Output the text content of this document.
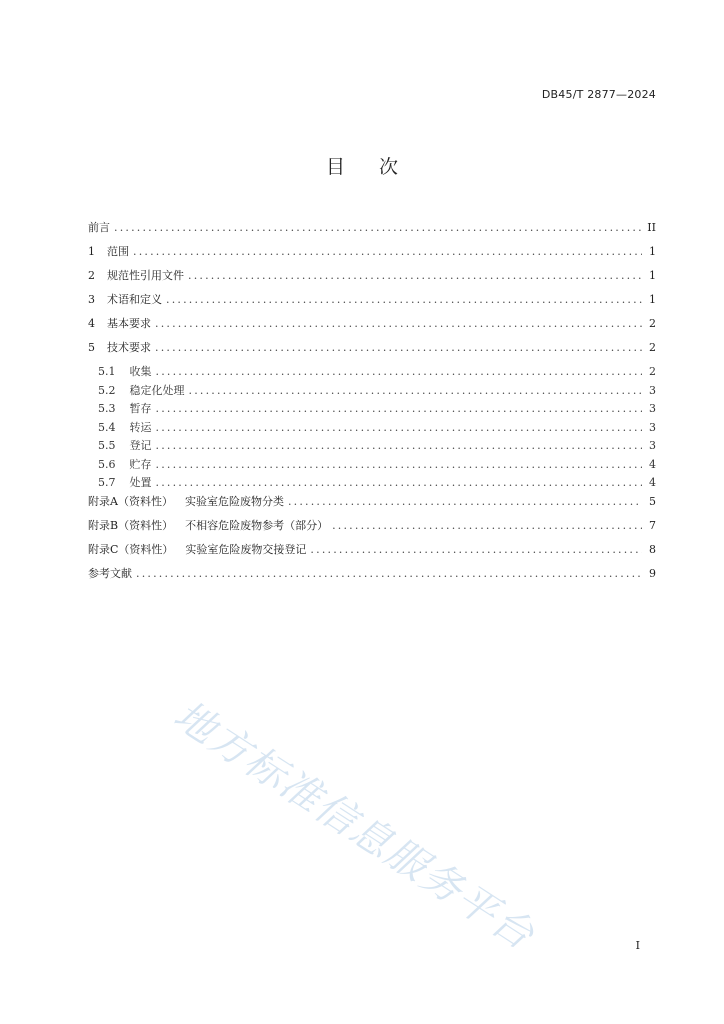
DB45/T 2877—2024
目次
前言 .....	II
1 范围 .....	1
2 规范性引用文件 .....	1
3 术语和定义 .....	1
4 基本要求 .....	2
5 技术要求 .....	2
5.1 收集 .....	2
5.2 稳定化处理 .....	3
5.3 暂存 .....	3
5.4 转运 .....	3
5.5 登记 .....	3
5.6 贮存 .....	4
5.7 处置 .....	4
附录A（资料性） 实验室危险废物分类 .....	5
附录B（资料性） 不相容危险废物参考（部分） .....	7
附录C（资料性） 实验室危险废物交接登记 .....	8
参考文献 .....	9
地方标准信息服务平台	I
